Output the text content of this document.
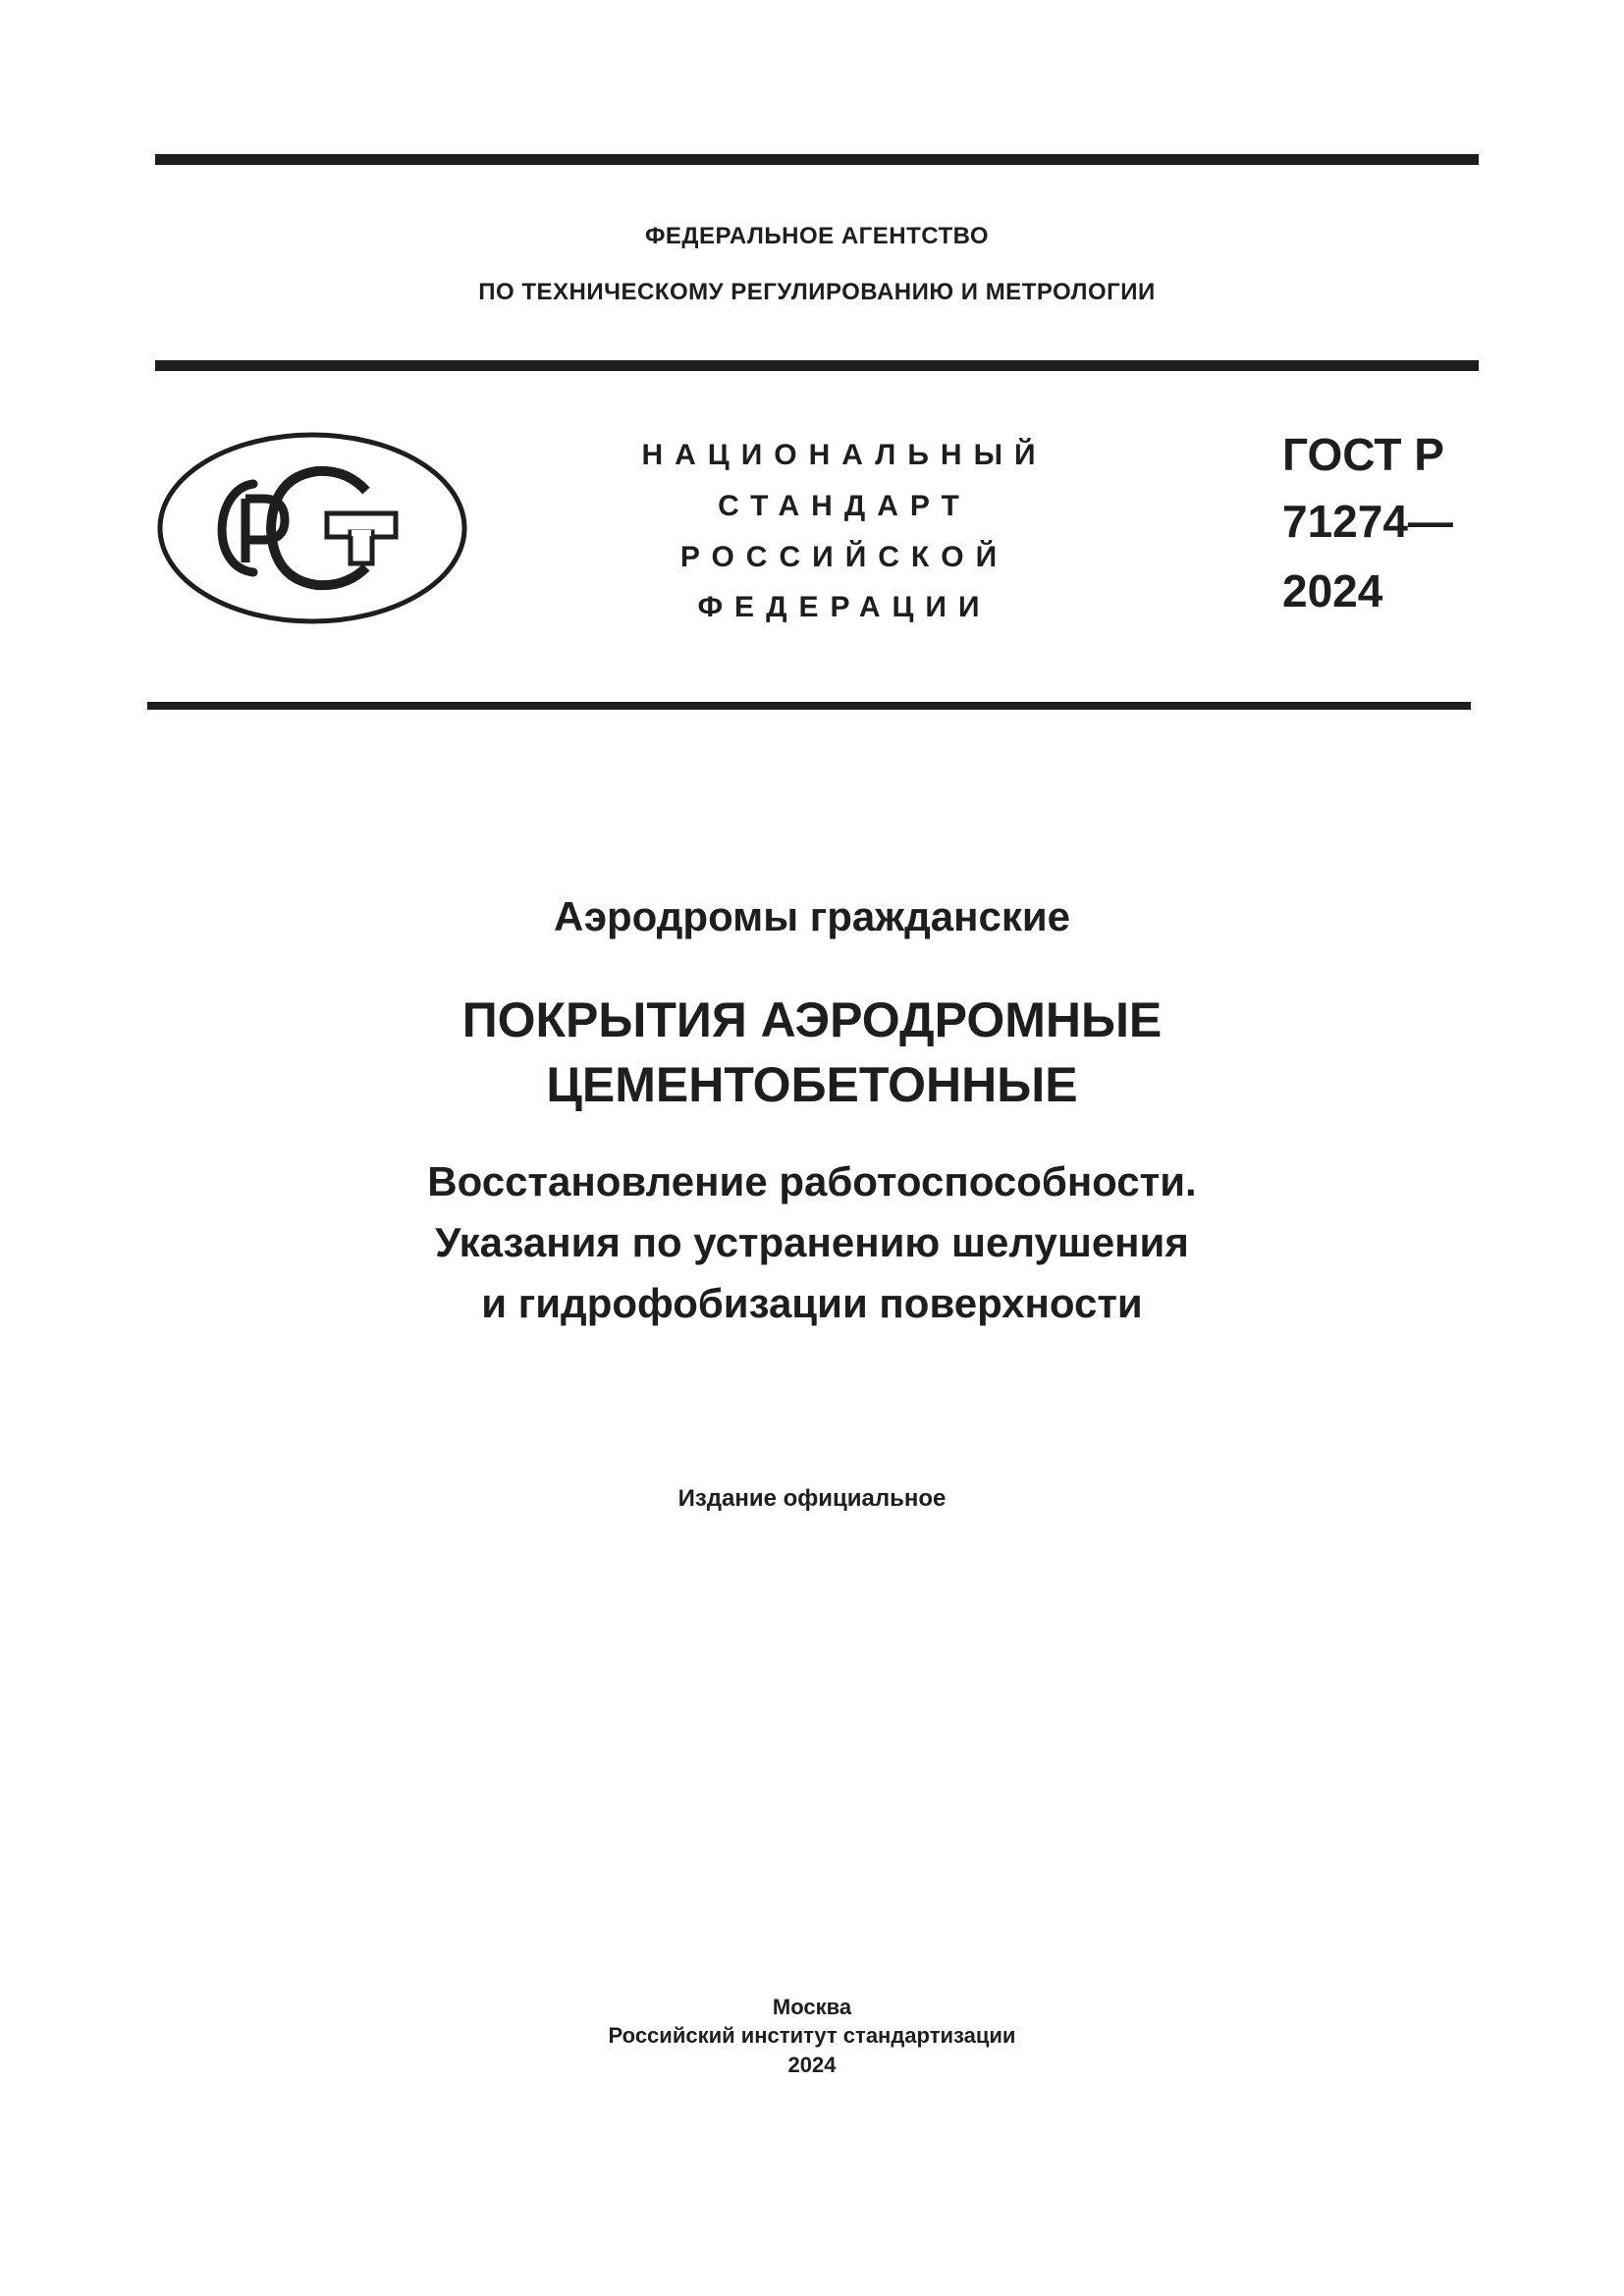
ФЕДЕРАЛЬНОЕ АГЕНТСТВО
ПО ТЕХНИЧЕСКОМУ РЕГУЛИРОВАНИЮ И МЕТРОЛОГИИ
НАЦИОНАЛЬНЫЙ
СТАНДАРТ
РОССИЙСКОЙ
ФЕДЕРАЦИИ
ГОСТ Р
71274—
2024
Аэродромы гражданские
ПОКРЫТИЯ АЭРОДРОМНЫЕ
ЦЕМЕНТОБЕТОННЫЕ
Восстановление работоспособности.
Указания по устранению шелушения
и гидрофобизации поверхности
Издание официальное
Москва
Российский институт стандартизации
2024
